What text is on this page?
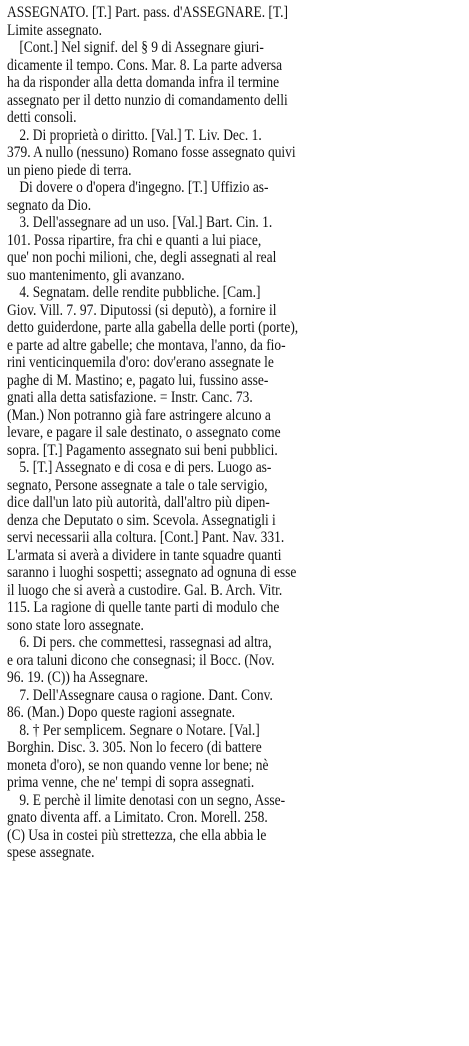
ASSEGNATO. [T.] Part. pass. d'ASSEGNARE. [T.]
Limite assegnato.
[Cont.] Nel signif. del § 9 di Assegnare giuri-
dicamente il tempo. Cons. Mar. 8. La parte adversa
ha da risponder alla detta domanda infra il termine
assegnato per il detto nunzio di comandamento delli
detti consoli.
2. Di proprietà o diritto. [Val.] T. Liv. Dec. 1.
379. A nullo (nessuno) Romano fosse assegnato quivi
un pieno piede di terra.
Di dovere o d'opera d'ingegno. [T.] Uffizio as-
segnato da Dio.
3. Dell'assegnare ad un uso. [Val.] Bart. Cin. 1.
101. Possa ripartire, fra chi e quanti a lui piace,
que' non pochi milioni, che, degli assegnati al real
suo mantenimento, gli avanzano.
4. Segnatam. delle rendite pubbliche. [Cam.]
Giov. Vill. 7. 97. Diputossi (si deputò), a fornire il
detto guiderdone, parte alla gabella delle porti (porte),
e parte ad altre gabelle; che montava, l'anno, da fio-
rini venticinquemila d'oro: dov'erano assegnate le
paghe di M. Mastino; e, pagato lui, fussino asse-
gnati alla detta satisfazione. = Instr. Canc. 73.
(Man.) Non potranno già fare astringere alcuno a
levare, e pagare il sale destinato, o assegnato come
sopra. [T.] Pagamento assegnato sui beni pubblici.
5. [T.] Assegnato e di cosa e di pers. Luogo as-
segnato, Persone assegnate a tale o tale servigio,
dice dall'un lato più autorità, dall'altro più dipen-
denza che Deputato o sim. Scevola. Assegnatigli i
servi necessarii alla coltura. [Cont.] Pant. Nav. 331.
L'armata si averà a dividere in tante squadre quanti
saranno i luoghi sospetti; assegnato ad ognuna di esse
il luogo che si averà a custodire. Gal. B. Arch. Vitr.
115. La ragione di quelle tante parti di modulo che
sono state loro assegnate.
6. Di pers. che commettesi, rassegnasi ad altra,
e ora taluni dicono che consegnasi; il Bocc. (Nov.
96. 19. (C)) ha Assegnare.
7. Dell'Assegnare causa o ragione. Dant. Conv.
86. (Man.) Dopo queste ragioni assegnate.
8. † Per semplicem. Segnare o Notare. [Val.]
Borghin. Disc. 3. 305. Non lo fecero (di battere
moneta d'oro), se non quando venne lor bene; nè
prima venne, che ne' tempi di sopra assegnati.
9. E perchè il limite denotasi con un segno, Asse-
gnato diventa aff. a Limitato. Cron. Morell. 258.
(C) Usa in costei più strettezza, che ella abbia le
spese assegnate.
